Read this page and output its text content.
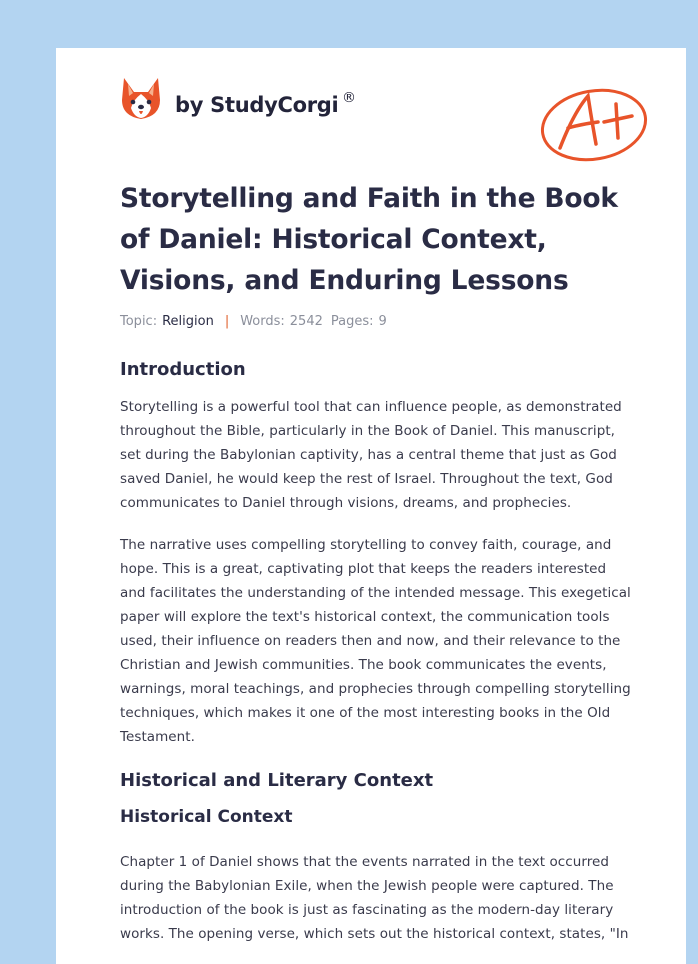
by StudyCorgi ®
Storytelling and Faith in the Book of Daniel: Historical Context, Visions, and Enduring Lessons
Topic: Religion | Words: 2542 Pages: 9
Introduction

Storytelling is a powerful tool that can influence people, as demonstrated throughout the Bible, particularly in the Book of Daniel. This manuscript, set during the Babylonian captivity, has a central theme that just as God saved Daniel, he would keep the rest of Israel. Throughout the text, God communicates to Daniel through visions, dreams, and prophecies.

The narrative uses compelling storytelling to convey faith, courage, and hope. This is a great, captivating plot that keeps the readers interested and facilitates the understanding of the intended message. This exegetical paper will explore the text's historical context, the communication tools used, their influence on readers then and now, and their relevance to the Christian and Jewish communities. The book communicates the events, warnings, moral teachings, and prophecies through compelling storytelling techniques, which makes it one of the most interesting books in the Old Testament.

Historical and Literary Context
Historical Context

Chapter 1 of Daniel shows that the events narrated in the text occurred during the Babylonian Exile, when the Jewish people were captured. The introduction of the book is just as fascinating as the modern-day literary works. The opening verse, which sets out the historical context, states, "In
